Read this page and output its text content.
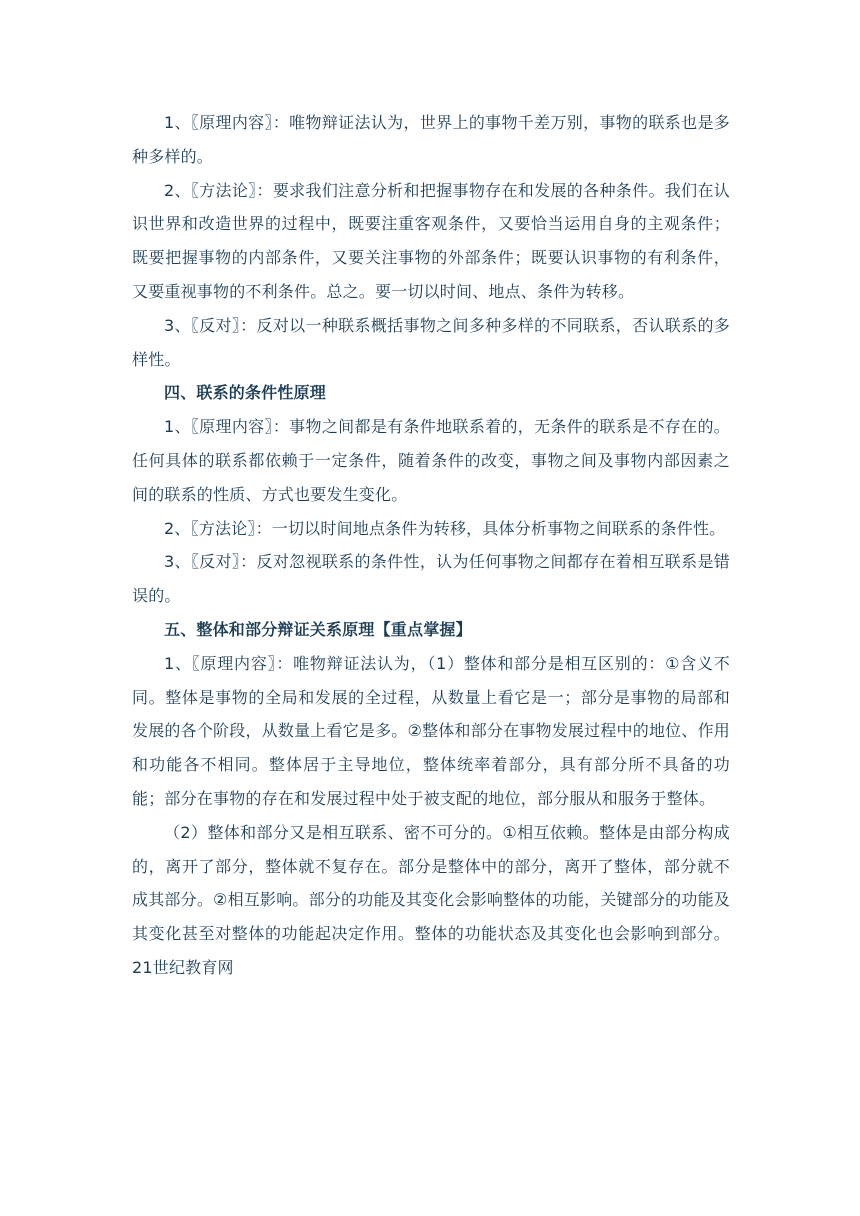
1、〖原理内容〗：唯物辩证法认为，世界上的事物千差万别，事物的联系也是多种多样的。

2、〖方法论〗：要求我们注意分析和把握事物存在和发展的各种条件。我们在认识世界和改造世界的过程中，既要注重客观条件，又要恰当运用自身的主观条件；既要把握事物的内部条件，又要关注事物的外部条件；既要认识事物的有利条件，又要重视事物的不利条件。总之。要一切以时间、地点、条件为转移。

3、〖反对〗：反对以一种联系概括事物之间多种多样的不同联系，否认联系的多样性。

四、联系的条件性原理

1、〖原理内容〗：事物之间都是有条件地联系着的，无条件的联系是不存在的。任何具体的联系都依赖于一定条件，随着条件的改变，事物之间及事物内部因素之间的联系的性质、方式也要发生变化。

2、〖方法论〗：一切以时间地点条件为转移，具体分析事物之间联系的条件性。

3、〖反对〗：反对忽视联系的条件性，认为任何事物之间都存在着相互联系是错误的。

五、整体和部分辩证关系原理【重点掌握】

1、〖原理内容〗：唯物辩证法认为，（1）整体和部分是相互区别的：①含义不同。整体是事物的全局和发展的全过程，从数量上看它是一；部分是事物的局部和发展的各个阶段，从数量上看它是多。②整体和部分在事物发展过程中的地位、作用和功能各不相同。整体居于主导地位，整体统率着部分，具有部分所不具备的功能；部分在事物的存在和发展过程中处于被支配的地位，部分服从和服务于整体。

（2）整体和部分又是相互联系、密不可分的。①相互依赖。整体是由部分构成的，离开了部分，整体就不复存在。部分是整体中的部分，离开了整体，部分就不成其部分。②相互影响。部分的功能及其变化会影响整体的功能，关键部分的功能及其变化甚至对整体的功能起决定作用。整体的功能状态及其变化也会影响到部分。21世纪教育网
